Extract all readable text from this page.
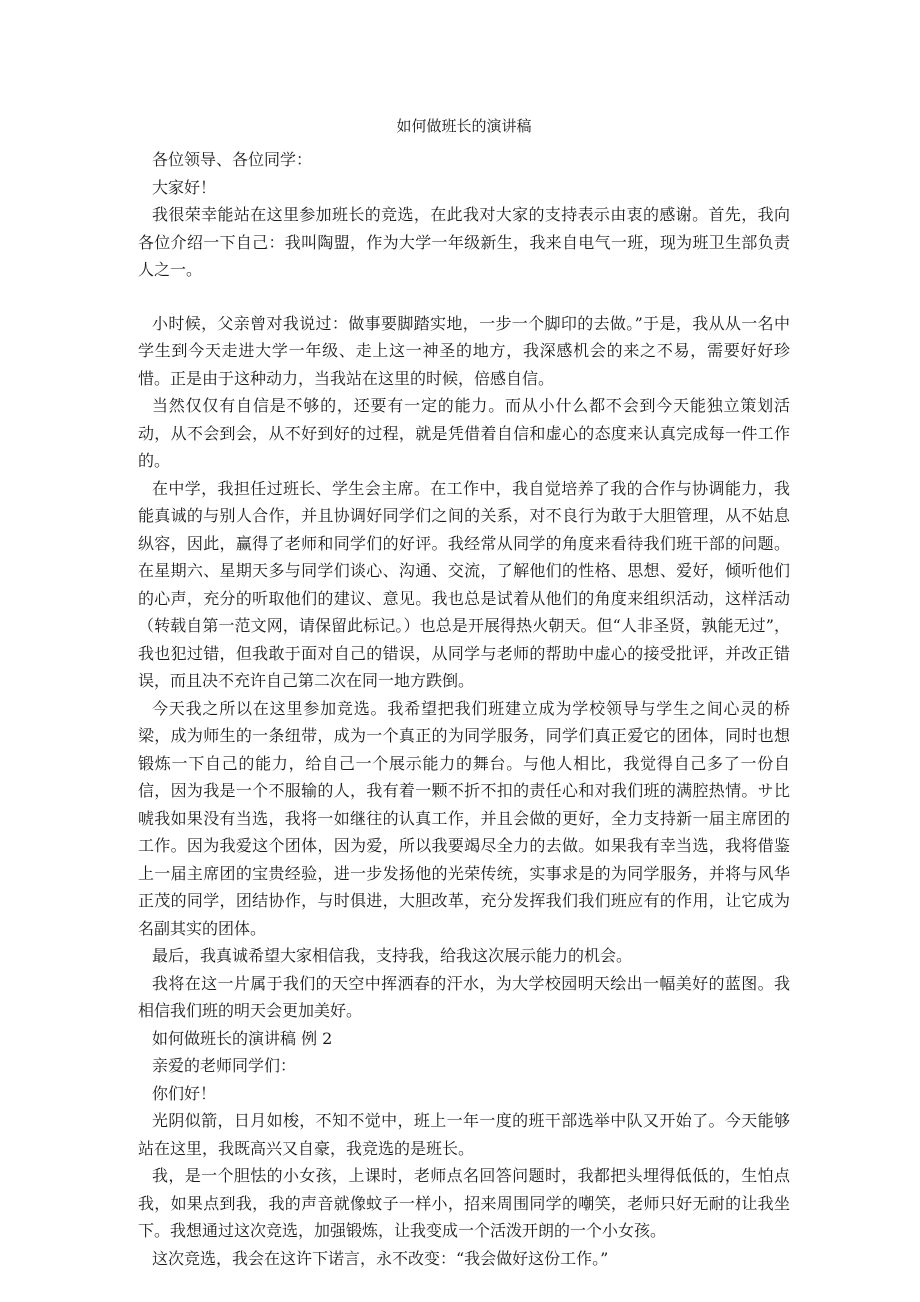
如何做班长的演讲稿

各位领导、各位同学：

大家好！

我很荣幸能站在这里参加班长的竞选，在此我对大家的支持表示由衷的感谢。首先，我向各位介绍一下自己：我叫陶盟，作为大学一年级新生，我来自电气一班，现为班卫生部负责人之一。

小时候，父亲曾对我说过：做事要脚踏实地，一步一个脚印的去做。”于是，我从从一名中学生到今天走进大学一年级、走上这一神圣的地方，我深感机会的来之不易，需要好好珍惜。正是由于这种动力，当我站在这里的时候，倍感自信。

当然仅仅有自信是不够的，还要有一定的能力。而从小什么都不会到今天能独立策划活动，从不会到会，从不好到好的过程，就是凭借着自信和虚心的态度来认真完成每一件工作的。

在中学，我担任过班长、学生会主席。在工作中，我自觉培养了我的合作与协调能力，我能真诚的与别人合作，并且协调好同学们之间的关系，对不良行为敢于大胆管理，从不姑息纵容，因此，赢得了老师和同学们的好评。我经常从同学的角度来看待我们班干部的问题。在星期六、星期天多与同学们谈心、沟通、交流，了解他们的性格、思想、爱好，倾听他们的心声，充分的听取他们的建议、意见。我也总是试着从他们的角度来组织活动，这样活动（转载自第一范文网，请保留此标记。）也总是开展得热火朝天。但“人非圣贤，孰能无过”，我也犯过错，但我敢于面对自己的错误，从同学与老师的帮助中虚心的接受批评，并改正错误，而且决不充许自己第二次在同一地方跌倒。

今天我之所以在这里参加竞选。我希望把我们班建立成为学校领导与学生之间心灵的桥梁，成为师生的一条纽带，成为一个真正的为同学服务，同学们真正爱它的团体，同时也想锻炼一下自己的能力，给自己一个展示能力的舞台。与他人相比，我觉得自己多了一份自信，因为我是一个不服输的人，我有着一颗不折不扣的责任心和对我们班的满腔热情。サ比唬我如果没有当选，我将一如继往的认真工作，并且会做的更好，全力支持新一届主席团的工作。因为我爱这个团体，因为爱，所以我要竭尽全力的去做。如果我有幸当选，我将借鉴上一届主席团的宝贵经验，进一步发扬他的光荣传统，实事求是的为同学服务，并将与风华正茂的同学，团结协作，与时俱进，大胆改革，充分发挥我们我们班应有的作用，让它成为名副其实的团体。

最后，我真诚希望大家相信我，支持我，给我这次展示能力的机会。

我将在这一片属于我们的天空中挥洒春的汗水，为大学校园明天绘出一幅美好的蓝图。我相信我们班的明天会更加美好。

如何做班长的演讲稿 例 2

亲爱的老师同学们：

你们好！

光阴似箭，日月如梭，不知不觉中，班上一年一度的班干部选举中队又开始了。今天能够站在这里，我既高兴又自豪，我竞选的是班长。

我，是一个胆怯的小女孩，上课时，老师点名回答问题时，我都把头埋得低低的，生怕点我，如果点到我，我的声音就像蚊子一样小，招来周围同学的嘲笑，老师只好无耐的让我坐下。我想通过这次竞选，加强锻炼，让我变成一个活泼开朗的一个小女孩。

这次竞选，我会在这许下诺言，永不改变：“我会做好这份工作。”
